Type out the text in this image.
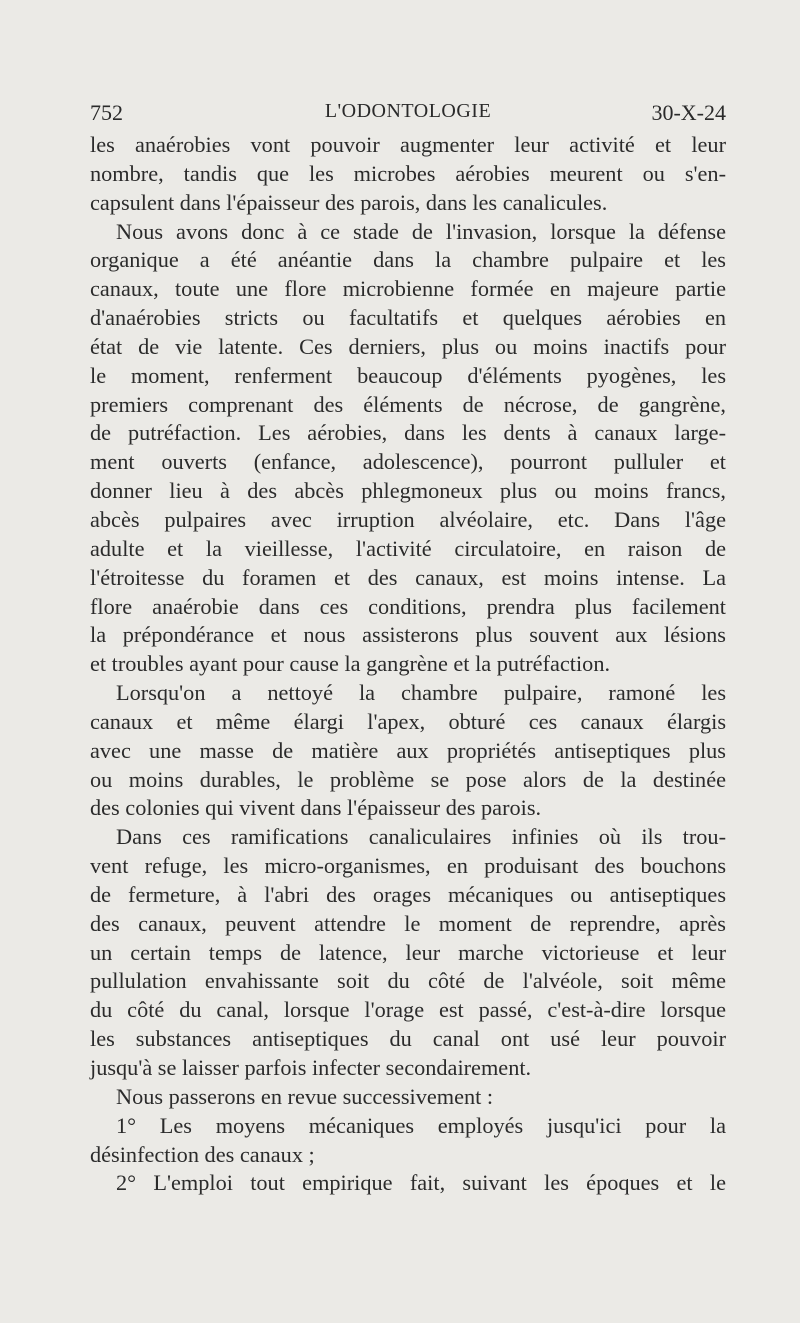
752	L'ODONTOLOGIE	30-X-24

les anaérobies vont pouvoir augmenter leur activité et leur

nombre, tandis que les microbes aérobies meurent ou s'en-

capsulent dans l'épaisseur des parois, dans les canalicules.

Nous avons donc à ce stade de l'invasion, lorsque la défense

organique a été anéantie dans la chambre pulpaire et les

canaux, toute une flore microbienne formée en majeure partie

d'anaérobies stricts ou facultatifs et quelques aérobies en

état de vie latente. Ces derniers, plus ou moins inactifs pour

le moment, renferment beaucoup d'éléments pyogènes, les

premiers comprenant des éléments de nécrose, de gangrène,

de putréfaction. Les aérobies, dans les dents à canaux large-

ment ouverts (enfance, adolescence), pourront pulluler et

donner lieu à des abcès phlegmoneux plus ou moins francs,

abcès pulpaires avec irruption alvéolaire, etc. Dans l'âge

adulte et la vieillesse, l'activité circulatoire, en raison de

l'étroitesse du foramen et des canaux, est moins intense. La

flore anaérobie dans ces conditions, prendra plus facilement

la prépondérance et nous assisterons plus souvent aux lésions

et troubles ayant pour cause la gangrène et la putréfaction.

Lorsqu'on a nettoyé la chambre pulpaire, ramoné les

canaux et même élargi l'apex, obturé ces canaux élargis

avec une masse de matière aux propriétés antiseptiques plus

ou moins durables, le problème se pose alors de la destinée

des colonies qui vivent dans l'épaisseur des parois.

Dans ces ramifications canaliculaires infinies où ils trou-

vent refuge, les micro-organismes, en produisant des bouchons

de fermeture, à l'abri des orages mécaniques ou antiseptiques

des canaux, peuvent attendre le moment de reprendre, après

un certain temps de latence, leur marche victorieuse et leur

pullulation envahissante soit du côté de l'alvéole, soit même

du côté du canal, lorsque l'orage est passé, c'est-à-dire lorsque

les substances antiseptiques du canal ont usé leur pouvoir

jusqu'à se laisser parfois infecter secondairement.

Nous passerons en revue successivement :

1° Les moyens mécaniques employés jusqu'ici pour la

désinfection des canaux ;

2° L'emploi tout empirique fait, suivant les époques et le
